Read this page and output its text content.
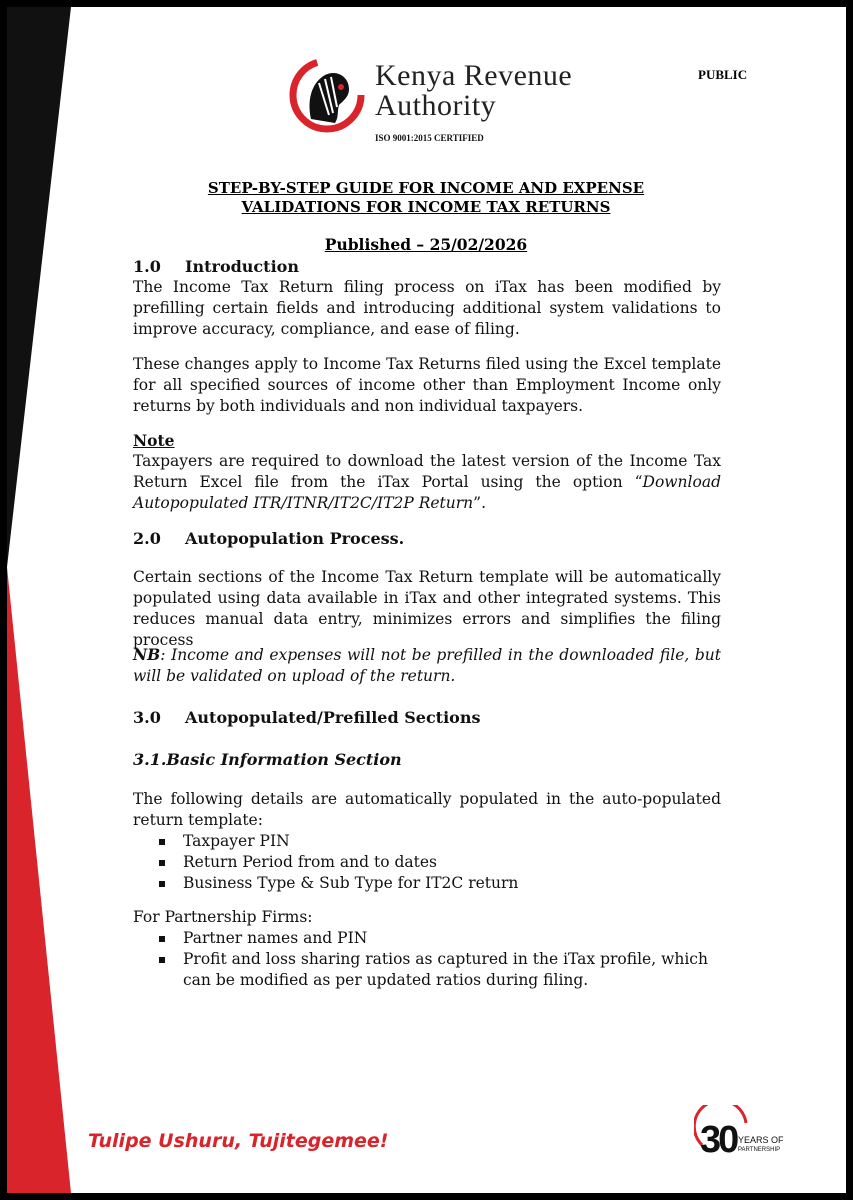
Kenya Revenue
Authority
ISO 9001:2015 CERTIFIED
PUBLIC
STEP-BY-STEP GUIDE FOR INCOME AND EXPENSE
VALIDATIONS FOR INCOME TAX RETURNS
Published – 25/02/2026
1.0 Introduction

The Income Tax Return filing process on iTax has been modified by prefilling certain fields and introducing additional system validations to improve accuracy, compliance, and ease of filing.

These changes apply to Income Tax Returns filed using the Excel template for all specified sources of income other than Employment Income only returns by both individuals and non individual taxpayers.

Note

Taxpayers are required to download the latest version of the Income Tax Return Excel file from the iTax Portal using the option “Download Autopopulated ITR/ITNR/IT2C/IT2P Return”.

2.0 Autopopulation Process.

Certain sections of the Income Tax Return template will be automatically populated using data available in iTax and other integrated systems. This reduces manual data entry, minimizes errors and simplifies the filing process

NB: Income and expenses will not be prefilled in the downloaded file, but will be validated on upload of the return.

3.0 Autopopulated/Prefilled Sections
3.1.Basic Information Section

The following details are automatically populated in the auto-populated return template:

Taxpayer PIN
Return Period from and to dates
Business Type & Sub Type for IT2C return
For Partnership Firms:
Partner names and PIN
Profit and loss sharing ratios as captured in the iTax profile, which can be modified as per updated ratios during filing.
Tulipe Ushuru, Tujitegemee!	30 YEARS OF
PARTNERSHIP
